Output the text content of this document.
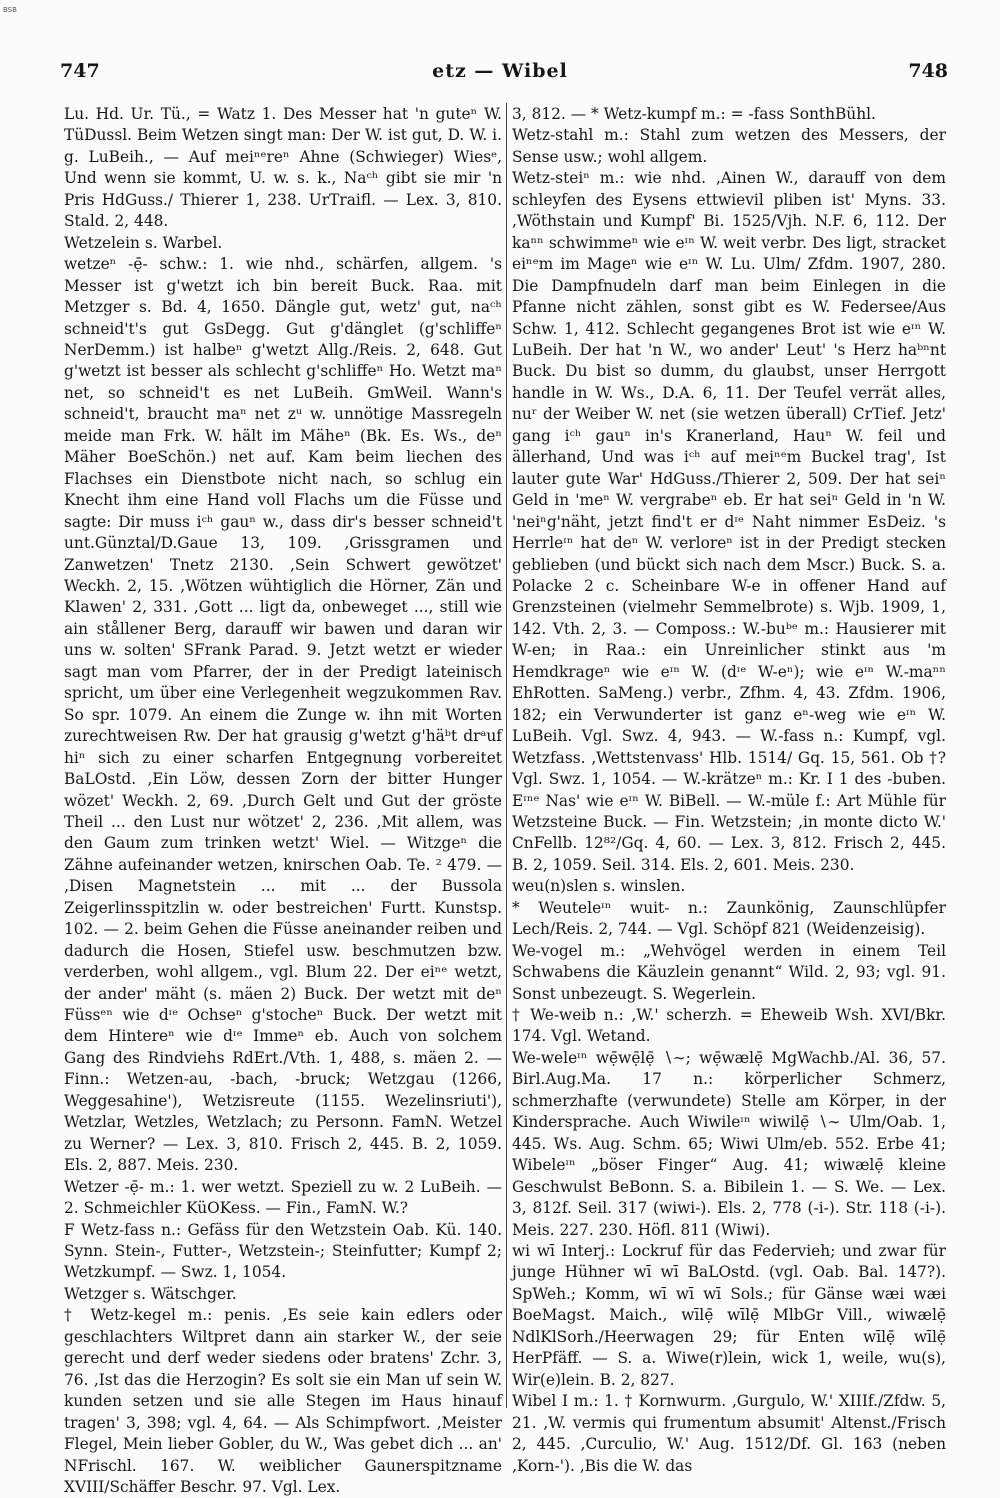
BSB
747	etz — Wibel	748

Lu. Hd. Ur. Tü., = Watz 1. Des Messer hat 'n guteⁿ W. TüDussl. Beim Wetzen singt man: Der W. ist gut, D. W. i. g. LuBeih., — Auf meiⁿᵉreⁿ Ahne (Schwieger) Wiesᵉ, Und wenn sie kommt, U. w. s. k., Naᶜʰ gibt sie mir 'n Pris HdGuss./ Thierer 1, 238. UrTraifl. — Lex. 3, 810. Stald. 2, 448.

Wetzelein s. Warbel.

wetzeⁿ -ẹ̄- schw.: 1. wie nhd., schärfen, allgem. 's Messer ist g'wetzt ich bin bereit Buck. Raa. mit Metzger s. Bd. 4, 1650. Dängle gut, wetz' gut, naᶜʰ schneid't's gut GsDegg. Gut g'dänglet (g'schliffeⁿ NerDemm.) ist halbeⁿ g'wetzt Allg./Reis. 2, 648. Gut g'wetzt ist besser als schlecht g'schliffeⁿ Ho. Wetzt maⁿ net, so schneid't es net LuBeih. GmWeil. Wann's schneid't, braucht maⁿ net zᵘ w. unnötige Massregeln meide man Frk. W. hält im Mäheⁿ (Bk. Es. Ws., deⁿ Mäher BoeSchön.) net auf. Kam beim liechen des Flachses ein Dienstbote nicht nach, so schlug ein Knecht ihm eine Hand voll Flachs um die Füsse und sagte: Dir muss iᶜʰ gauⁿ w., dass dir's besser schneid't unt.Günztal/D.Gaue 13, 109. ‚Grissgramen und Zanwetzen' Tnetz 2130. ‚Sein Schwert gewötzet' Weckh. 2, 15. ‚Wötzen wühtiglich die Hörner, Zän und Klawen' 2, 331. ‚Gott ... ligt da, onbeweget ..., still wie ain stållener Berg, darauff wir bawen und daran wir uns w. solten' SFrank Parad. 9. Jetzt wetzt er wieder sagt man vom Pfarrer, der in der Predigt lateinisch spricht, um über eine Verlegenheit wegzukommen Rav. So spr. 1079. An einem die Zunge w. ihn mit Worten zurechtweisen Rw. Der hat grausig g'wetzt g'häᵇt drᵃuf hiⁿ sich zu einer scharfen Entgegnung vorbereitet BaLOstd. ‚Ein Löw, dessen Zorn der bitter Hunger wözet' Weckh. 2, 69. ‚Durch Gelt und Gut der gröste Theil ... den Lust nur wötzet' 2, 236. ‚Mit allem, was den Gaum zum trinken wetzt' Wiel. — Witzgeⁿ die Zähne aufeinander wetzen, knirschen Oab. Te. ² 479. — ‚Disen Magnetstein ... mit ... der Bussola Zeigerlinsspitzlin w. oder bestreichen' Furtt. Kunstsp. 102. — 2. beim Gehen die Füsse aneinander reiben und dadurch die Hosen, Stiefel usw. beschmutzen bzw. verderben, wohl allgem., vgl. Blum 22. Der eiⁿᵉ wetzt, der ander' mäht (s. mäen 2) Buck. Der wetzt mit deⁿ Füssᵉⁿ wie dᶦᵉ Ochseⁿ g'stocheⁿ Buck. Der wetzt mit dem Hintereⁿ wie dᶦᵉ Immeⁿ eb. Auch von solchem Gang des Rindviehs RdErt./Vth. 1, 488, s. mäen 2. — Finn.: Wetzen-au, -bach, -bruck; Wetzgau (1266, Weggesahine'), Wetzisreute (1155. Wezelinsriuti'), Wetzlar, Wetzles, Wetzlach; zu Personn. FamN. Wetzel zu Werner? — Lex. 3, 810. Frisch 2, 445. B. 2, 1059. Els. 2, 887. Meis. 230.

Wetzer -ẹ̄- m.: 1. wer wetzt. Speziell zu w. 2 LuBeih. — 2. Schmeichler KüOKess. — Fin., FamN. W.?

F Wetz-fass n.: Gefäss für den Wetzstein Oab. Kü. 140. Synn. Stein-, Futter-, Wetzstein-; Steinfutter; Kumpf 2; Wetzkumpf. — Swz. 1, 1054.

Wetzger s. Wätschger.

† Wetz-kegel m.: penis. ‚Es seie kain edlers oder geschlachters Wiltpret dann ain starker W., der seie gerecht und derf weder siedens oder bratens' Zchr. 3, 76. ‚Ist das die Herzogin? Es solt sie ein Man uf sein W. kunden setzen und sie alle Stegen im Haus hinauf tragen' 3, 398; vgl. 4, 64. — Als Schimpfwort. ‚Meister Flegel, Mein lieber Gobler, du W., Was gebet dich ... an' NFrischl. 167. W. weiblicher Gaunerspitzname XVIII/Schäffer Beschr. 97. Vgl. Lex.

3, 812. — * Wetz-kumpf m.: = -fass SonthBühl.

Wetz-stahl m.: Stahl zum wetzen des Messers, der Sense usw.; wohl allgem.

Wetz-steiⁿ m.: wie nhd. ‚Ainen W., darauff von dem schleyfen des Eysens ettwievil pliben ist' Myns. 33. ‚Wöthstain und Kumpf' Bi. 1525/Vjh. N.F. 6, 112. Der kaⁿⁿ schwimmeⁿ wie eᶦⁿ W. weit verbr. Des ligt, stracket eiⁿᵉm im Mageⁿ wie eᶦⁿ W. Lu. Ulm/ Zfdm. 1907, 280. Die Dampfnudeln darf man beim Einlegen in die Pfanne nicht zählen, sonst gibt es W. Federsee/Aus Schw. 1, 412. Schlecht gegangenes Brot ist wie eᶦⁿ W. LuBeih. Der hat 'n W., wo ander' Leut' 's Herz haᵇⁿnt Buck. Du bist so dumm, du glaubst, unser Herrgott handle in W. Ws., D.A. 6, 11. Der Teufel verrät alles, nuʳ der Weiber W. net (sie wetzen überall) CrTief. Jetz' gang iᶜʰ gauⁿ in's Kranerland, Hauⁿ W. feil und ällerhand, Und was iᶜʰ auf meiⁿᵉm Buckel trag', Ist lauter gute War' HdGuss./Thierer 2, 509. Der hat seiⁿ Geld in 'meⁿ W. vergrabeⁿ eb. Er hat seiⁿ Geld in 'n W. 'neiⁿg'näht, jetzt find't er dᶦᵉ Naht nimmer EsDeiz. 's Herrleᶦⁿ hat deⁿ W. verloreⁿ ist in der Predigt stecken geblieben (und bückt sich nach dem Mscr.) Buck. S. a. Polacke 2 c. Scheinbare W-e in offener Hand auf Grenzsteinen (vielmehr Semmelbrote) s. Wjb. 1909, 1, 142. Vth. 2, 3. — Composs.: W.-buᵇᵉ m.: Hausierer mit W-en; in Raa.: ein Unreinlicher stinkt aus 'm Hemdkrageⁿ wie eᶦⁿ W. (dᶦᵉ W-eⁿ); wie eᶦⁿ W.-maⁿⁿ EhRotten. SaMeng.) verbr., Zfhm. 4, 43. Zfdm. 1906, 182; ein Verwunderter ist ganz eⁿ-weg wie eᶦⁿ W. LuBeih. Vgl. Swz. 4, 943. — W.-fass n.: Kumpf, vgl. Wetzfass. ‚Wettstenvass' Hlb. 1514/ Gq. 15, 561. Ob †? Vgl. Swz. 1, 1054. — W.-krätzeⁿ m.: Kr. I 1 des -buben. Eᶦⁿᵉ Nas' wie eᶦⁿ W. BiBell. — W.-müle f.: Art Mühle für Wetzsteine Buck. — Fin. Wetzstein; ‚in monte dicto W.' CnFellb. 12⁸²/Gq. 4, 60. — Lex. 3, 812. Frisch 2, 445. B. 2, 1059. Seil. 314. Els. 2, 601. Meis. 230.

weu(n)slen s. winslen.

* Weuteleᶦⁿ wuit- n.: Zaunkönig, Zaunschlüpfer Lech/Reis. 2, 744. — Vgl. Schöpf 821 (Weidenzeisig).

We-vogel m.: „Wehvögel werden in einem Teil Schwabens die Käuzlein genannt“ Wild. 2, 93; vgl. 91. Sonst unbezeugt. S. Wegerlein.

† We-weib n.: ‚W.' scherzh. = Eheweib Wsh. XVI/Bkr. 174. Vgl. Wetand.

We-weleᶦⁿ wẹ̄wẹ̄lẹ̄ ∖∼; wẹ̄wælẹ̄ MgWachb./Al. 36, 57. Birl.Aug.Ma. 17 n.: körperlicher Schmerz, schmerzhafte (verwundete) Stelle am Körper, in der Kindersprache. Auch Wiwileᶦⁿ wiwilẹ̄ ∖∼ Ulm/Oab. 1, 445. Ws. Aug. Schm. 65; Wiwi Ulm/eb. 552. Erbe 41; Wibeleᶦⁿ „böser Finger“ Aug. 41; wiwælẹ̄ kleine Geschwulst BeBonn. S. a. Bibilein 1. — S. We. — Lex. 3, 812f. Seil. 317 (wiwi-). Els. 2, 778 (-i-). Str. 118 (-i-). Meis. 227. 230. Höfl. 811 (Wiwi).

wi wī Interj.: Lockruf für das Federvieh; und zwar für junge Hühner wī wī BaLOstd. (vgl. Oab. Bal. 147?). SpWeh.; Komm, wī wī wī Sols.; für Gänse wæi wæi BoeMagst. Maich., wīlẹ̄ wīlẹ̄ MlbGr Vill., wiwælẹ̄ NdlKlSorh./Heerwagen 29; für Enten wīlẹ̄ wīlẹ̄ HerPfäff. — S. a. Wiwe(r)lein, wick 1, weile, wu(s), Wir(e)lein. B. 2, 827.

Wibel I m.: 1. † Kornwurm. ‚Gurgulo, W.' XIIIf./Zfdw. 5, 21. ‚W. vermis qui frumentum absumit' Altenst./Frisch 2, 445. ‚Curculio, W.' Aug. 1512/Df. Gl. 163 (neben ‚Korn-'). ‚Bis die W. das
